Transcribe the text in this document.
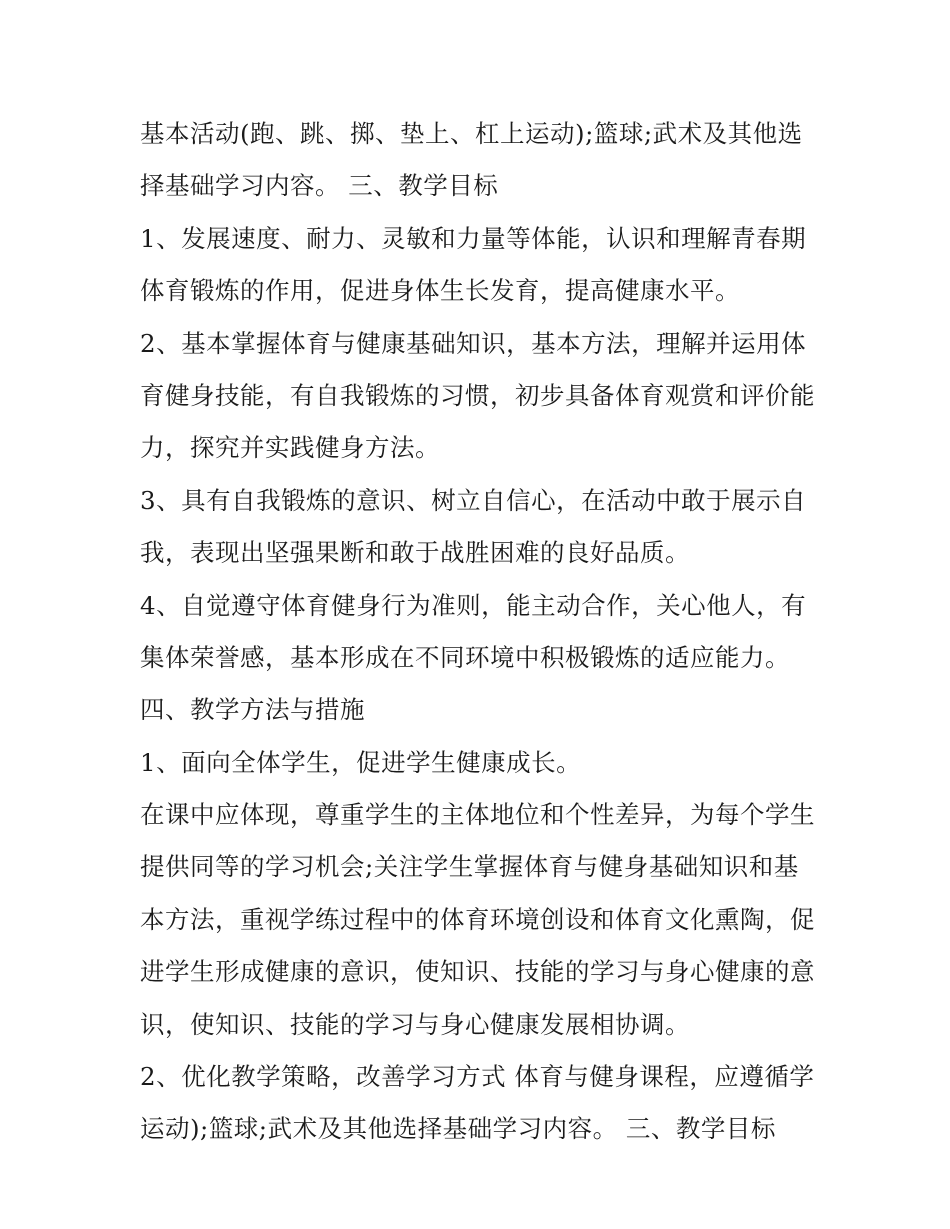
基本活动(跑、跳、掷、垫上、杠上运动);篮球;武术及其他选
择基础学习内容。 三、教学目标
1、发展速度、耐力、灵敏和力量等体能，认识和理解青春期
体育锻炼的作用，促进身体生长发育，提高健康水平。
2、基本掌握体育与健康基础知识，基本方法，理解并运用体
育健身技能，有自我锻炼的习惯，初步具备体育观赏和评价能
力，探究并实践健身方法。
3、具有自我锻炼的意识、树立自信心，在活动中敢于展示自
我，表现出坚强果断和敢于战胜困难的良好品质。
4、自觉遵守体育健身行为准则，能主动合作，关心他人，有
集体荣誉感，基本形成在不同环境中积极锻炼的适应能力。
四、教学方法与措施
1、面向全体学生，促进学生健康成长。
在课中应体现，尊重学生的主体地位和个性差异，为每个学生
提供同等的学习机会;关注学生掌握体育与健身基础知识和基
本方法，重视学练过程中的体育环境创设和体育文化熏陶，促
进学生形成健康的意识，使知识、技能的学习与身心健康的意
识，使知识、技能的学习与身心健康发展相协调。
2、优化教学策略，改善学习方式 体育与健身课程，应遵循学
运动);篮球;武术及其他选择基础学习内容。 三、教学目标
